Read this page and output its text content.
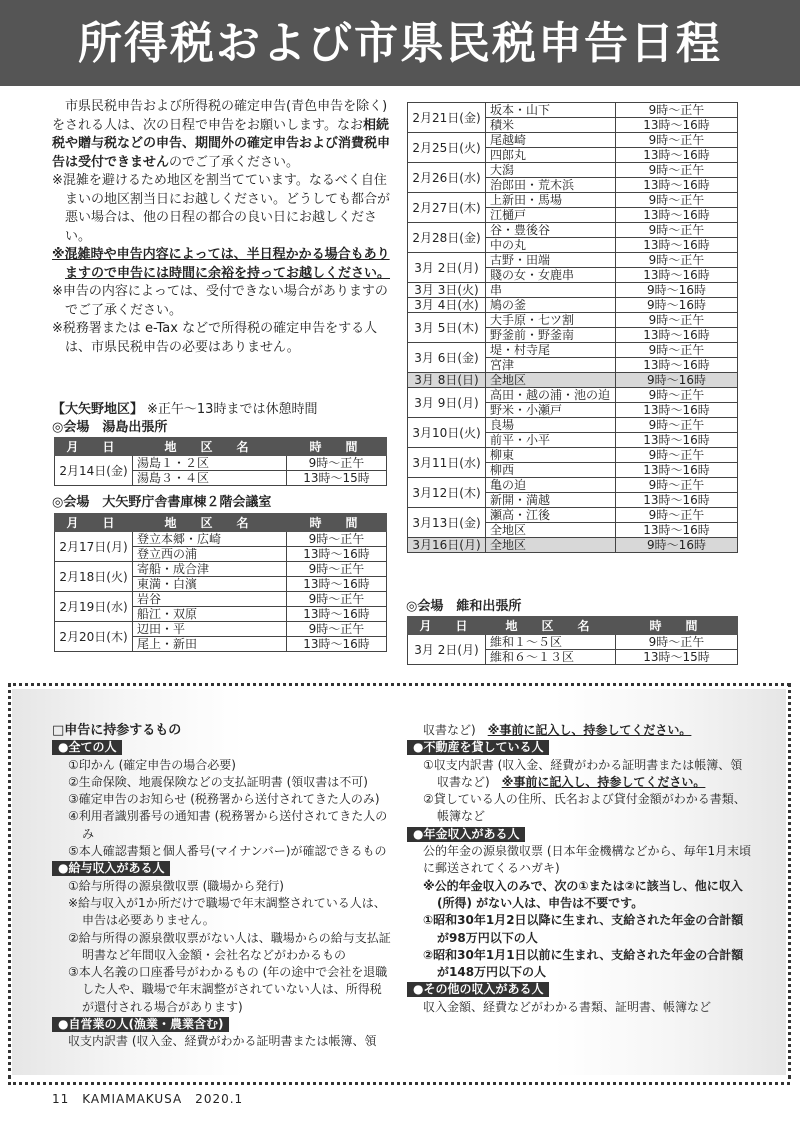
所得税および市県民税申告日程

市県民税申告および所得税の確定申告(青色申告を除く)をされる人は、次の日程で申告をお願いします。なお相続税や贈与税などの申告、期間外の確定申告および消費税申告は受付できませんのでご了承ください。

※混雑を避けるため地区を割当てています。なるべく自住まいの地区割当日にお越しください。どうしても都合が悪い場合は、他の日程の都合の良い日にお越しください。

※混雑時や申告内容によっては、半日程かかる場合もありますので申告には時間に余裕を持ってお越しください。

※申告の内容によっては、受付できない場合がありますのでご了承ください。

※税務署または e-Tax などで所得税の確定申告をする人は、市県民税申告の必要はありません。

【大矢野地区】 ※正午～13時までは休憩時間
◎会場　湯島出張所
月　日	地　区　名	時　間
2月14日(金)	湯島１・２区	9時～正午
	湯島３・４区	13時～15時
◎会場　大矢野庁舎書庫棟２階会議室
月　日	地　区　名	時　間
2月17日(月)	登立本郷・広崎	9時～正午
	登立西の浦	13時～16時
2月18日(火)	寄船・成合津	9時～正午
	東満・白濱	13時～16時
2月19日(水)	岩谷	9時～正午
	船江・双原	13時～16時
2月20日(木)	辺田・平	9時～正午
	尾上・新田	13時～16時
2月21日(金)	坂本・山下	9時～正午
	積米	13時～16時
2月25日(火)	尾越崎	9時～正午
	四郎丸	13時～16時
2月26日(水)	大潟	9時～正午
	治郎田・荒木浜	13時～16時
2月27日(木)	上新田・馬場	9時～正午
	江樋戸	13時～16時
2月28日(金)	谷・豊後谷	9時～正午
	中の丸	13時～16時
3月 2日(月)	古野・田端	9時～正午
	賤の女・女鹿串	13時～16時
3月 3日(火)	串	9時～16時
3月 4日(水)	鳩の釜	9時～16時
3月 5日(木)	大手原・七ツ割	9時～正午
	野釜前・野釜南	13時～16時
3月 6日(金)	堤・村寺尾	9時～正午
	宮津	13時～16時
3月 8日(日)	全地区	9時～16時
3月 9日(月)	高田・越の浦・池の迫	9時～正午
	野米・小瀬戸	13時～16時
3月10日(火)	良場	9時～正午
	前平・小平	13時～16時
3月11日(水)	柳東	9時～正午
	柳西	13時～16時
3月12日(木)	亀の迫	9時～正午
	新開・満越	13時～16時
3月13日(金)	瀬高・江後	9時～正午
	全地区	13時～16時
3月16日(月)	全地区	9時～16時
◎会場　維和出張所
月　日	地　区　名	時　間
3月 2日(月)	維和１～５区	9時～正午
	維和６～１３区	13時～15時

□申告に持参するもの

●全ての人

①印かん (確定申告の場合必要)

②生命保険、地震保険などの支払証明書 (領収書は不可)

③確定申告のお知らせ (税務署から送付されてきた人のみ)

④利用者識別番号の通知書 (税務署から送付されてきた人のみ

⑤本人確認書類と個人番号(マイナンバー)が確認できるもの

●給与収入がある人

①給与所得の源泉徴収票 (職場から発行)

※給与収入が1か所だけで職場で年末調整されている人は、申告は必要ありません。

②給与所得の源泉徴収票がない人は、職場からの給与支払証明書など年間収入金額・会社名などがわかるもの

③本人名義の口座番号がわかるもの (年の途中で会社を退職した人や、職場で年末調整がされていない人は、所得税が還付される場合があります)

●自営業の人(漁業・農業含む)

収支内訳書 (収入金、経費がわかる証明書または帳簿、領

収書など)　 ※事前に記入し、持参してください。

●不動産を貸している人

①収支内訳書 (収入金、経費がわかる証明書または帳簿、領収書など)　 ※事前に記入し、持参してください。

②貸している人の住所、氏名および貸付金額がわかる書類、帳簿など

●年金収入がある人

公的年金の源泉徴収票 (日本年金機構などから、毎年1月末頃に郵送されてくるハガキ)

※公的年金収入のみで、次の①または②に該当し、他に収入 (所得) がない人は、申告は不要です。

①昭和30年1月2日以降に生まれ、支給された年金の合計額が98万円以下の人

②昭和30年1月1日以前に生まれ、支給された年金の合計額が148万円以下の人

●その他の収入がある人

収入金額、経費などがわかる書類、証明書、帳簿など

11　KAMIAMAKUSA　2020.1
